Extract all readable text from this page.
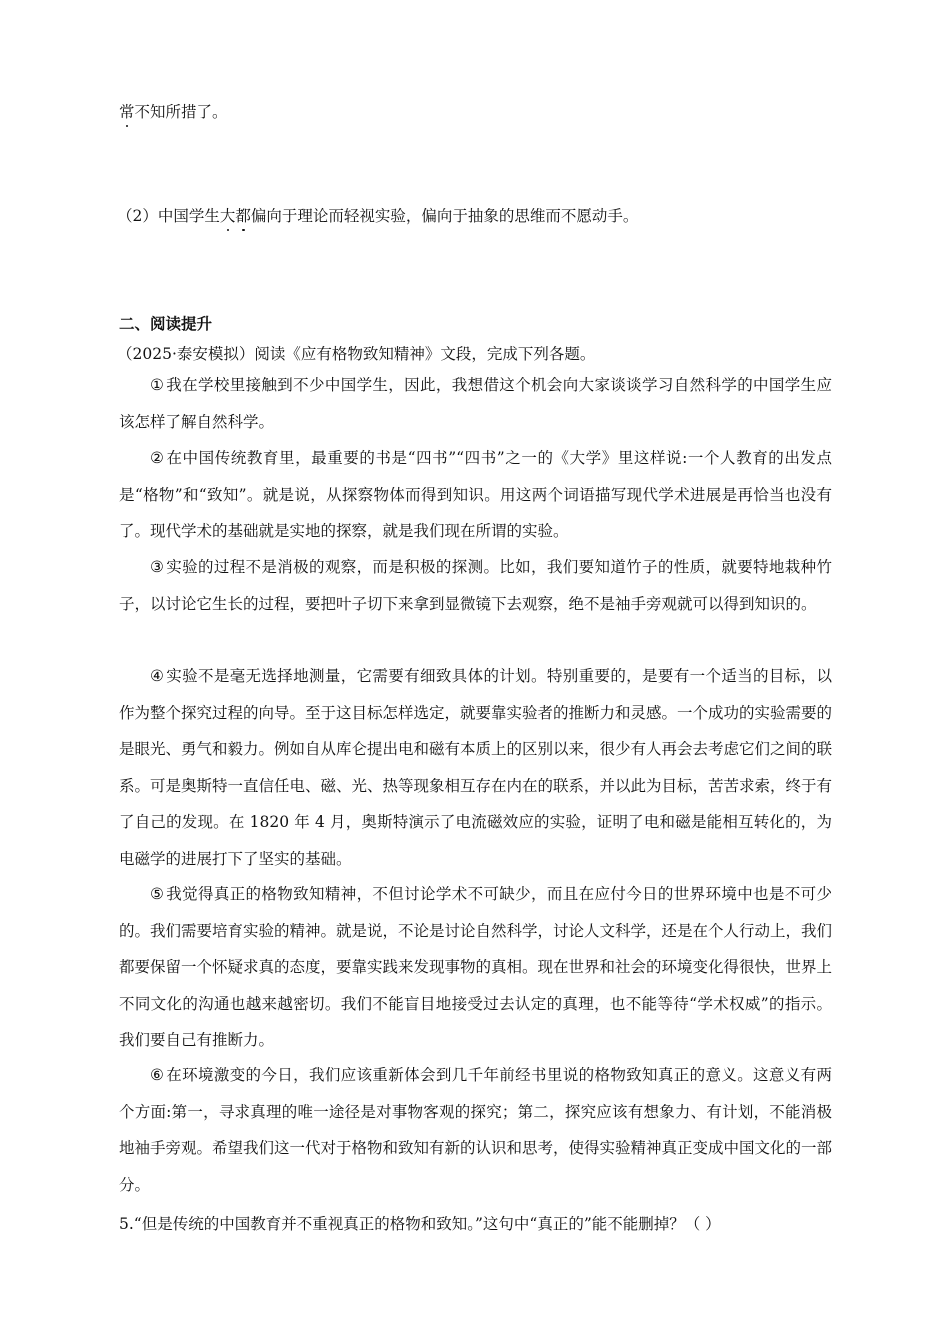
常不知所措了。
（2）中国学生大都偏向于理论而轻视实验，偏向于抽象的思维而不愿动手。
二、阅读提升
（2025·泰安模拟）阅读《应有格物致知精神》文段，完成下列各题。
① 我在学校里接触到不少中国学生，因此，我想借这个机会向大家谈谈学习自然科学的中国学生应该怎样了解自然科学。
② 在中国传统教育里，最重要的书是“四书”“四书”之一的《大学》里这样说:一个人教育的出发点是“格物”和“致知”。就是说，从探察物体而得到知识。用这两个词语描写现代学术进展是再恰当也没有了。现代学术的基础就是实地的探察，就是我们现在所谓的实验。
③ 实验的过程不是消极的观察，而是积极的探测。比如，我们要知道竹子的性质，就要特地栽种竹子，以讨论它生长的过程，要把叶子切下来拿到显微镜下去观察，绝不是袖手旁观就可以得到知识的。
④ 实验不是毫无选择地测量，它需要有细致具体的计划。特别重要的，是要有一个适当的目标，以作为整个探究过程的向导。至于这目标怎样选定，就要靠实验者的推断力和灵感。一个成功的实验需要的是眼光、勇气和毅力。例如自从库仑提出电和磁有本质上的区别以来，很少有人再会去考虑它们之间的联系。可是奥斯特一直信任电、磁、光、热等现象相互存在内在的联系，并以此为目标，苦苦求索，终于有了自己的发现。在 1820 年 4 月，奥斯特演示了电流磁效应的实验，证明了电和磁是能相互转化的，为电磁学的进展打下了坚实的基础。
⑤ 我觉得真正的格物致知精神，不但讨论学术不可缺少，而且在应付今日的世界环境中也是不可少的。我们需要培育实验的精神。就是说，不论是讨论自然科学，讨论人文科学，还是在个人行动上，我们都要保留一个怀疑求真的态度，要靠实践来发现事物的真相。现在世界和社会的环境变化得很快，世界上不同文化的沟通也越来越密切。我们不能盲目地接受过去认定的真理，也不能等待“学术权威”的指示。我们要自己有推断力。
⑥ 在环境激变的今日，我们应该重新体会到几千年前经书里说的格物致知真正的意义。这意义有两个方面:第一，寻求真理的唯一途径是对事物客观的探究；第二，探究应该有想象力、有计划，不能消极地袖手旁观。希望我们这一代对于格物和致知有新的认识和思考，使得实验精神真正变成中国文化的一部分。
5.“但是传统的中国教育并不重视真正的格物和致知。”这句中“真正的”能不能删掉？（ ）
